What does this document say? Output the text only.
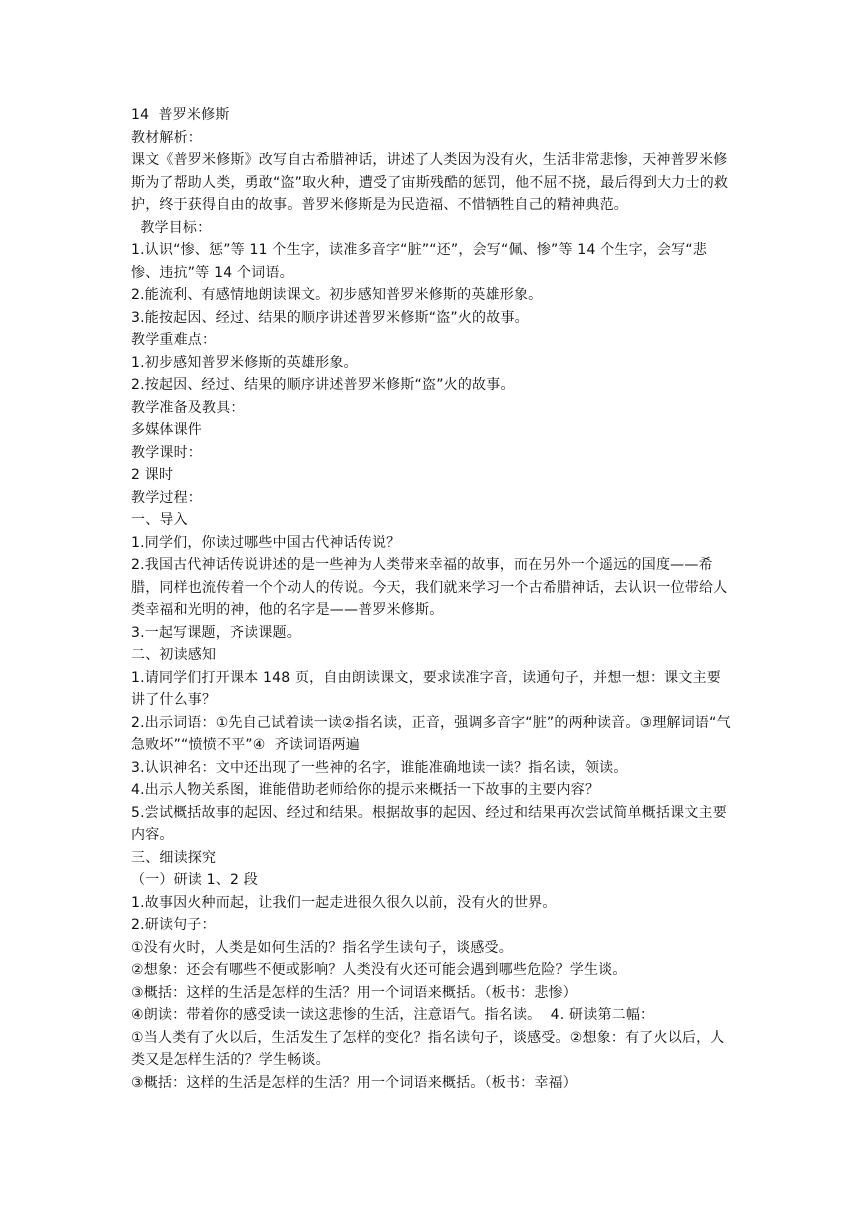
14  普罗米修斯
教材解析：
课文《普罗米修斯》改写自古希腊神话，讲述了人类因为没有火，生活非常悲惨，天神普罗米修斯为了帮助人类，勇敢“盗”取火种，遭受了宙斯残酷的惩罚，他不屈不挠，最后得到大力士的救护，终于获得自由的故事。普罗米修斯是为民造福、不惜牺牲自己的精神典范。
教学目标：
1.认识“惨、惩”等 11 个生字，读准多音字“脏”“还”，会写“佩、惨”等 14 个生字，会写“悲惨、违抗”等 14 个词语。
2.能流利、有感情地朗读课文。初步感知普罗米修斯的英雄形象。
3.能按起因、经过、结果的顺序讲述普罗米修斯“盗”火的故事。
教学重难点：
1.初步感知普罗米修斯的英雄形象。
2.按起因、经过、结果的顺序讲述普罗米修斯“盗”火的故事。
教学准备及教具：
多媒体课件
教学课时：
2 课时
教学过程：
一、导入
1.同学们，你读过哪些中国古代神话传说？
2.我国古代神话传说讲述的是一些神为人类带来幸福的故事，而在另外一个遥远的国度——希腊，同样也流传着一个个动人的传说。今天，我们就来学习一个古希腊神话，去认识一位带给人类幸福和光明的神，他的名字是——普罗米修斯。
3.一起写课题，齐读课题。
二、初读感知
1.请同学们打开课本 148 页，自由朗读课文，要求读准字音，读通句子，并想一想：课文主要讲了什么事？
2.出示词语：①先自己试着读一读②指名读，正音，强调多音字“脏”的两种读音。③理解词语“气急败坏”“愤愤不平”④  齐读词语两遍
3.认识神名：文中还出现了一些神的名字，谁能准确地读一读？指名读，领读。
4.出示人物关系图，谁能借助老师给你的提示来概括一下故事的主要内容？
5.尝试概括故事的起因、经过和结果。根据故事的起因、经过和结果再次尝试简单概括课文主要内容。
三、细读探究
（一）研读 1、2 段
1.故事因火种而起，让我们一起走进很久很久以前，没有火的世界。
2.研读句子：
①没有火时，人类是如何生活的？指名学生读句子，谈感受。
②想象：还会有哪些不便或影响？人类没有火还可能会遇到哪些危险？学生谈。
③概括：这样的生活是怎样的生活？用一个词语来概括。（板书：悲惨）
④朗读：带着你的感受读一读这悲惨的生活，注意语气。指名读。  4. 研读第二幅：
①当人类有了火以后，生活发生了怎样的变化？指名读句子，谈感受。②想象：有了火以后，人类又是怎样生活的？学生畅谈。
③概括：这样的生活是怎样的生活？用一个词语来概括。（板书：幸福）
